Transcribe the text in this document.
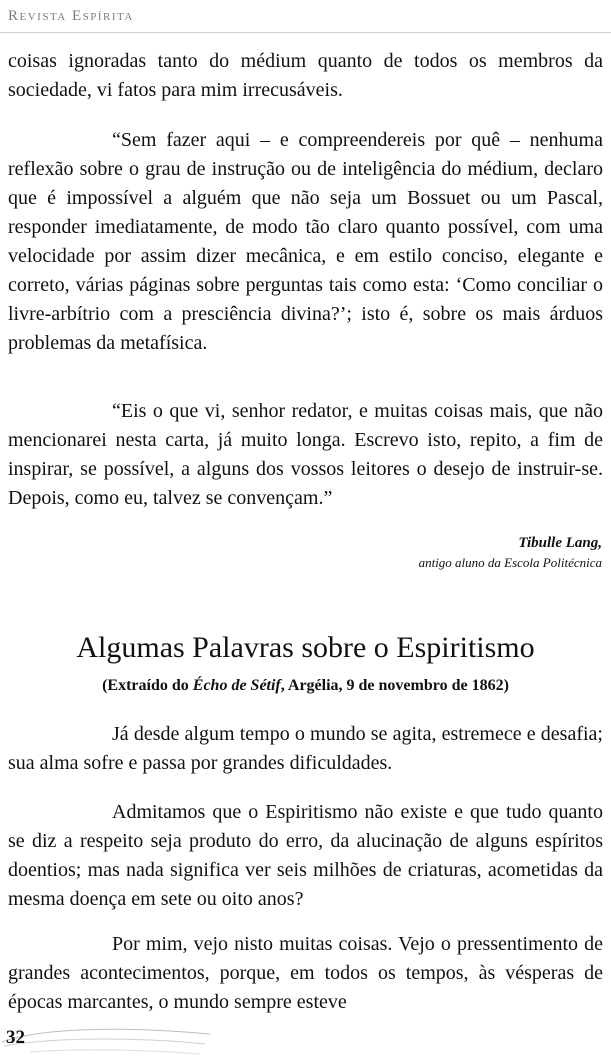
Revista Espírita

coisas ignoradas tanto do médium quanto de todos os membros da sociedade, vi fatos para mim irrecusáveis.

“Sem fazer aqui – e compreendereis por quê – nenhuma reflexão sobre o grau de instrução ou de inteligência do médium, declaro que é impossível a alguém que não seja um Bossuet ou um Pascal, responder imediatamente, de modo tão claro quanto possível, com uma velocidade por assim dizer mecânica, e em estilo conciso, elegante e correto, várias páginas sobre perguntas tais como esta: ‘Como conciliar o livre-arbítrio com a presciência divina?’; isto é, sobre os mais árduos problemas da metafísica.

“Eis o que vi, senhor redator, e muitas coisas mais, que não mencionarei nesta carta, já muito longa. Escrevo isto, repito, a fim de inspirar, se possível, a alguns dos vossos leitores o desejo de instruir-se. Depois, como eu, talvez se convençam.”

Tibulle Lang,
antigo aluno da Escola Politécnica
Algumas Palavras sobre o Espiritismo

(Extraído do Écho de Sétif, Argélia, 9 de novembro de 1862)

Já desde algum tempo o mundo se agita, estremece e desafia; sua alma sofre e passa por grandes dificuldades.

Admitamos que o Espiritismo não existe e que tudo quanto se diz a respeito seja produto do erro, da alucinação de alguns espíritos doentios; mas nada significa ver seis milhões de criaturas, acometidas da mesma doença em sete ou oito anos?

Por mim, vejo nisto muitas coisas. Vejo o pressentimento de grandes acontecimentos, porque, em todos os tempos, às vésperas de épocas marcantes, o mundo sempre esteve

32
